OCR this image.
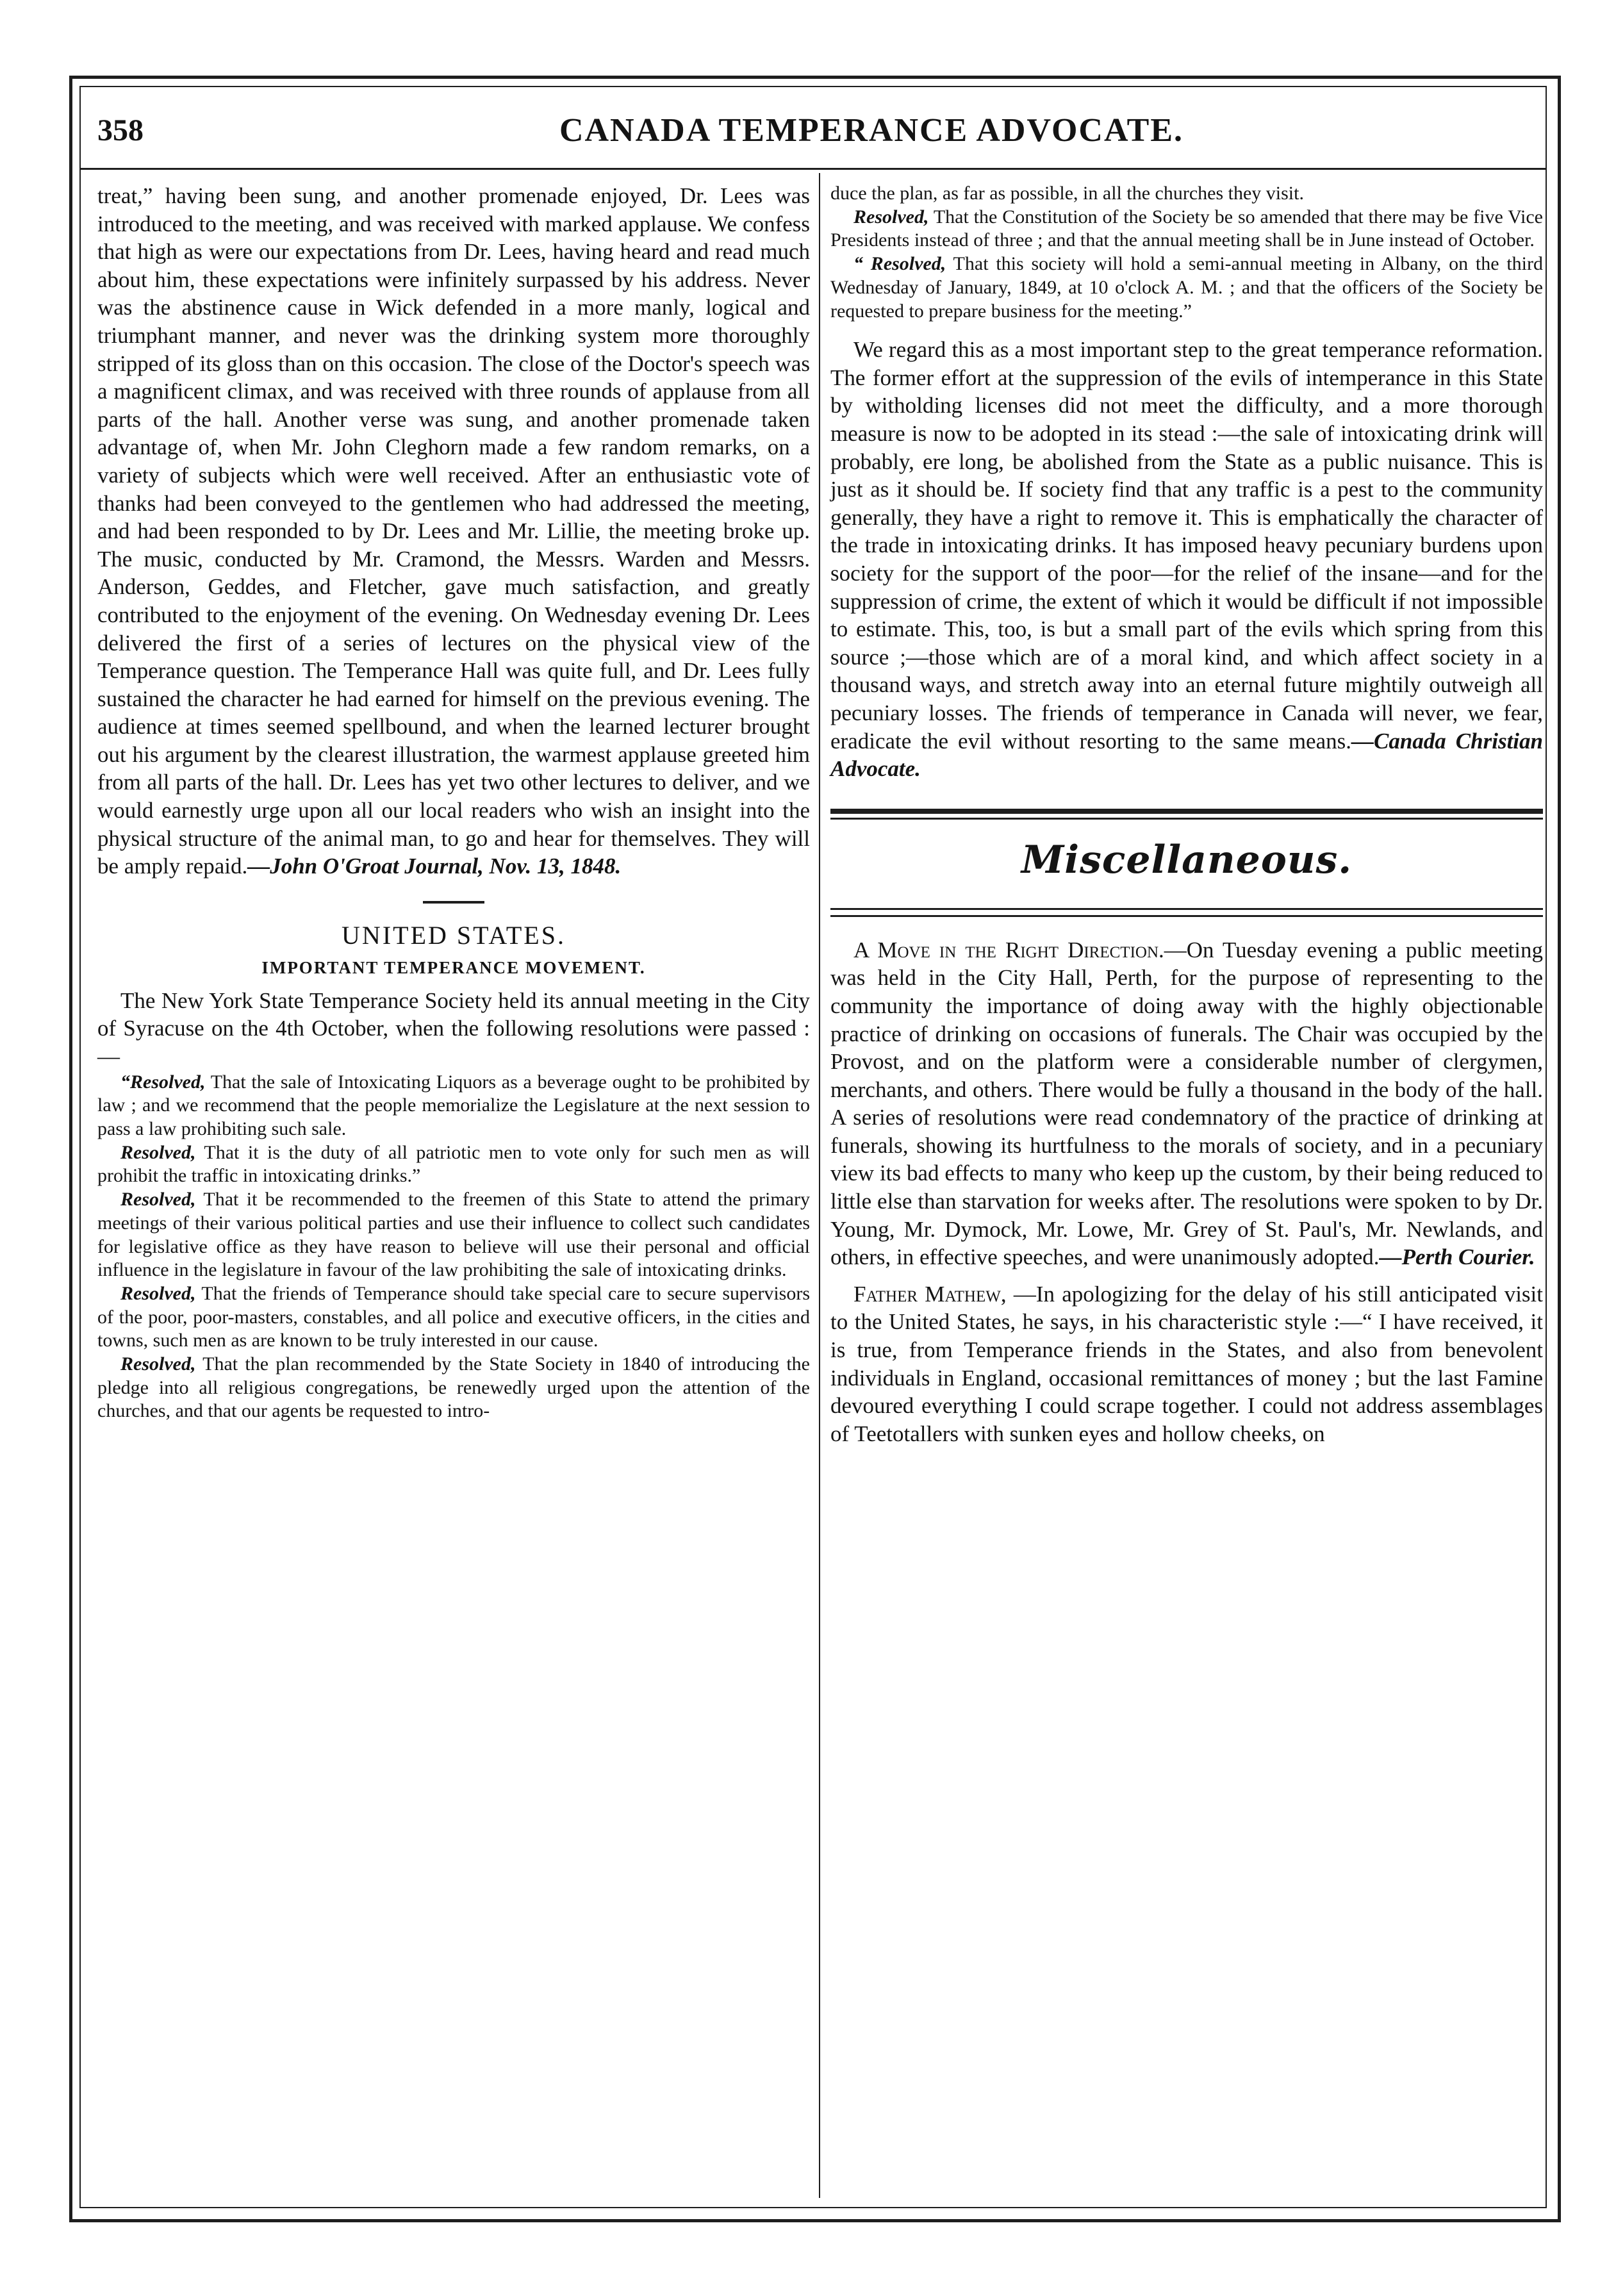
358	CANADA TEMPERANCE ADVOCATE.

treat,” having been sung, and another promenade enjoyed, Dr. Lees was introduced to the meeting, and was received with marked applause. We confess that high as were our expectations from Dr. Lees, having heard and read much about him, these expectations were infinitely surpassed by his address. Never was the abstinence cause in Wick defended in a more manly, logical and triumphant manner, and never was the drinking system more thoroughly stripped of its gloss than on this occasion. The close of the Doctor's speech was a magnificent climax, and was received with three rounds of applause from all parts of the hall. Another verse was sung, and another promenade taken advantage of, when Mr. John Cleghorn made a few random remarks, on a variety of subjects which were well received. After an enthusiastic vote of thanks had been conveyed to the gentlemen who had addressed the meeting, and had been responded to by Dr. Lees and Mr. Lillie, the meeting broke up. The music, conducted by Mr. Cramond, the Messrs. Warden and Messrs. Anderson, Geddes, and Fletcher, gave much satisfaction, and greatly contributed to the enjoyment of the evening. On Wednesday evening Dr. Lees delivered the first of a series of lectures on the physical view of the Temperance question. The Temperance Hall was quite full, and Dr. Lees fully sustained the character he had earned for himself on the previous evening. The audience at times seemed spellbound, and when the learned lecturer brought out his argument by the clearest illustration, the warmest applause greeted him from all parts of the hall. Dr. Lees has yet two other lectures to deliver, and we would earnestly urge upon all our local readers who wish an insight into the physical structure of the animal man, to go and hear for themselves. They will be amply repaid.—John O'Groat Journal, Nov. 13, 1848.

UNITED STATES.
IMPORTANT TEMPERANCE MOVEMENT.

The New York State Temperance Society held its annual meeting in the City of Syracuse on the 4th October, when the following resolutions were passed :—

“Resolved, That the sale of Intoxicating Liquors as a beverage ought to be prohibited by law ; and we recommend that the people memorialize the Legislature at the next session to pass a law prohibiting such sale.

Resolved, That it is the duty of all patriotic men to vote only for such men as will prohibit the traffic in intoxicating drinks.”

Resolved, That it be recommended to the freemen of this State to attend the primary meetings of their various political parties and use their influence to collect such candidates for legislative office as they have reason to believe will use their personal and official influence in the legislature in favour of the law prohibiting the sale of intoxicating drinks.

Resolved, That the friends of Temperance should take special care to secure supervisors of the poor, poor-masters, constables, and all police and executive officers, in the cities and towns, such men as are known to be truly interested in our cause.

Resolved, That the plan recommended by the State Society in 1840 of introducing the pledge into all religious congregations, be renewedly urged upon the attention of the churches, and that our agents be requested to intro-

duce the plan, as far as possible, in all the churches they visit.

Resolved, That the Constitution of the Society be so amended that there may be five Vice Presidents instead of three ; and that the annual meeting shall be in June instead of October.

“ Resolved, That this society will hold a semi-annual meeting in Albany, on the third Wednesday of January, 1849, at 10 o'clock A. M. ; and that the officers of the Society be requested to prepare business for the meeting.”

We regard this as a most important step to the great temperance reformation. The former effort at the suppression of the evils of intemperance in this State by witholding licenses did not meet the difficulty, and a more thorough measure is now to be adopted in its stead :—the sale of intoxicating drink will probably, ere long, be abolished from the State as a public nuisance. This is just as it should be. If society find that any traffic is a pest to the community generally, they have a right to remove it. This is emphatically the character of the trade in intoxicating drinks. It has imposed heavy pecuniary burdens upon society for the support of the poor—for the relief of the insane—and for the suppression of crime, the extent of which it would be difficult if not impossible to estimate. This, too, is but a small part of the evils which spring from this source ;—those which are of a moral kind, and which affect society in a thousand ways, and stretch away into an eternal future mightily outweigh all pecuniary losses. The friends of temperance in Canada will never, we fear, eradicate the evil without resorting to the same means.—Canada Christian Advocate.

Miscellaneous.

A Move in the Right Direction.—On Tuesday evening a public meeting was held in the City Hall, Perth, for the purpose of representing to the community the importance of doing away with the highly objectionable practice of drinking on occasions of funerals. The Chair was occupied by the Provost, and on the platform were a considerable number of clergymen, merchants, and others. There would be fully a thousand in the body of the hall. A series of resolutions were read condemnatory of the practice of drinking at funerals, showing its hurtfulness to the morals of society, and in a pecuniary view its bad effects to many who keep up the custom, by their being reduced to little else than starvation for weeks after. The resolutions were spoken to by Dr. Young, Mr. Dymock, Mr. Lowe, Mr. Grey of St. Paul's, Mr. Newlands, and others, in effective speeches, and were unanimously adopted.—Perth Courier.

Father Mathew, —In apologizing for the delay of his still anticipated visit to the United States, he says, in his characteristic style :—“ I have received, it is true, from Temperance friends in the States, and also from benevolent individuals in England, occasional remittances of money ; but the last Famine devoured everything I could scrape together. I could not address assemblages of Teetotallers with sunken eyes and hollow cheeks, on
